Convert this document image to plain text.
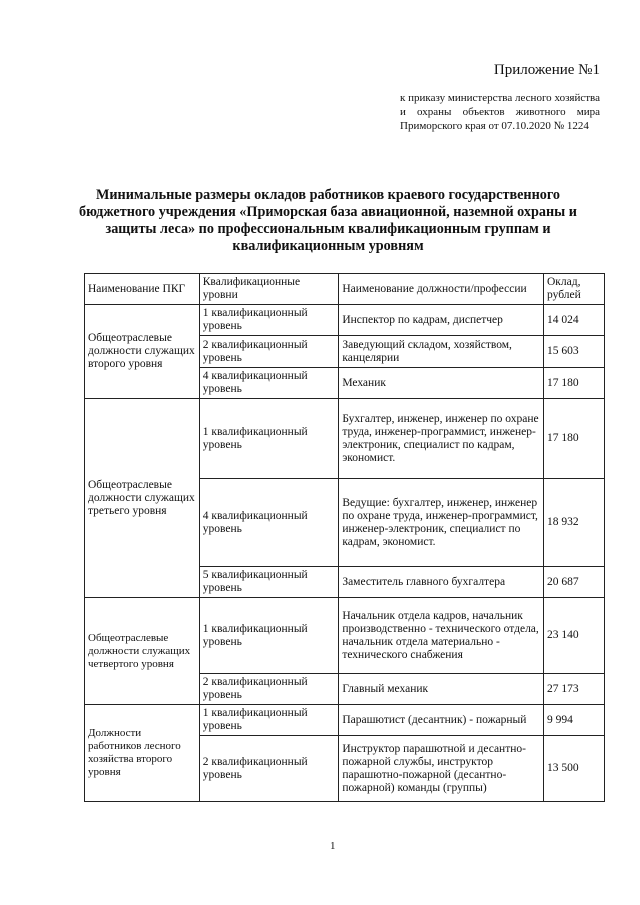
Приложение №1
к приказу министерства лесного хозяйства и охраны объектов животного мира Приморского края от 07.10.2020 № 1224
Минимальные размеры окладов работников краевого государственного бюджетного учреждения «Приморская база авиационной, наземной охраны и защиты леса» по профессиональным квалификационным группам и квалификационным уровням
Наименование ПКГ	Квалификационные уровни	Наименование должности/профессии	Оклад, рублей
Общеотраслевые должности служащих второго уровня	1 квалификационный уровень	Инспектор по кадрам, диспетчер	14 024
	2 квалификационный уровень	Заведующий складом, хозяйством, канцелярии	15 603
	4 квалификационный уровень	Механик	17 180
Общеотраслевые должности служащих третьего уровня	1 квалификационный уровень	Бухгалтер, инженер, инженер по охране труда, инженер-программист, инженер-электроник, специалист по кадрам, экономист.	17 180
	4 квалификационный уровень	Ведущие: бухгалтер, инженер, инженер по охране труда, инженер-программист, инженер-электроник, специалист по кадрам, экономист.	18 932
	5 квалификационный уровень	Заместитель главного бухгалтера	20 687
Общеотраслевые должности служащих четвертого уровня	1 квалификационный уровень	Начальник отдела кадров, начальник производственно - технического отдела, начальник отдела материально - технического снабжения	23 140
	2 квалификационный уровень	Главный механик	27 173
Должности работников лесного хозяйства второго уровня	1 квалификационный уровень	Парашютист (десантник) - пожарный	9 994
	2 квалификационный уровень	Инструктор парашютной и десантно-пожарной службы, инструктор парашютно-пожарной (десантно-пожарной) команды (группы)	13 500
1
